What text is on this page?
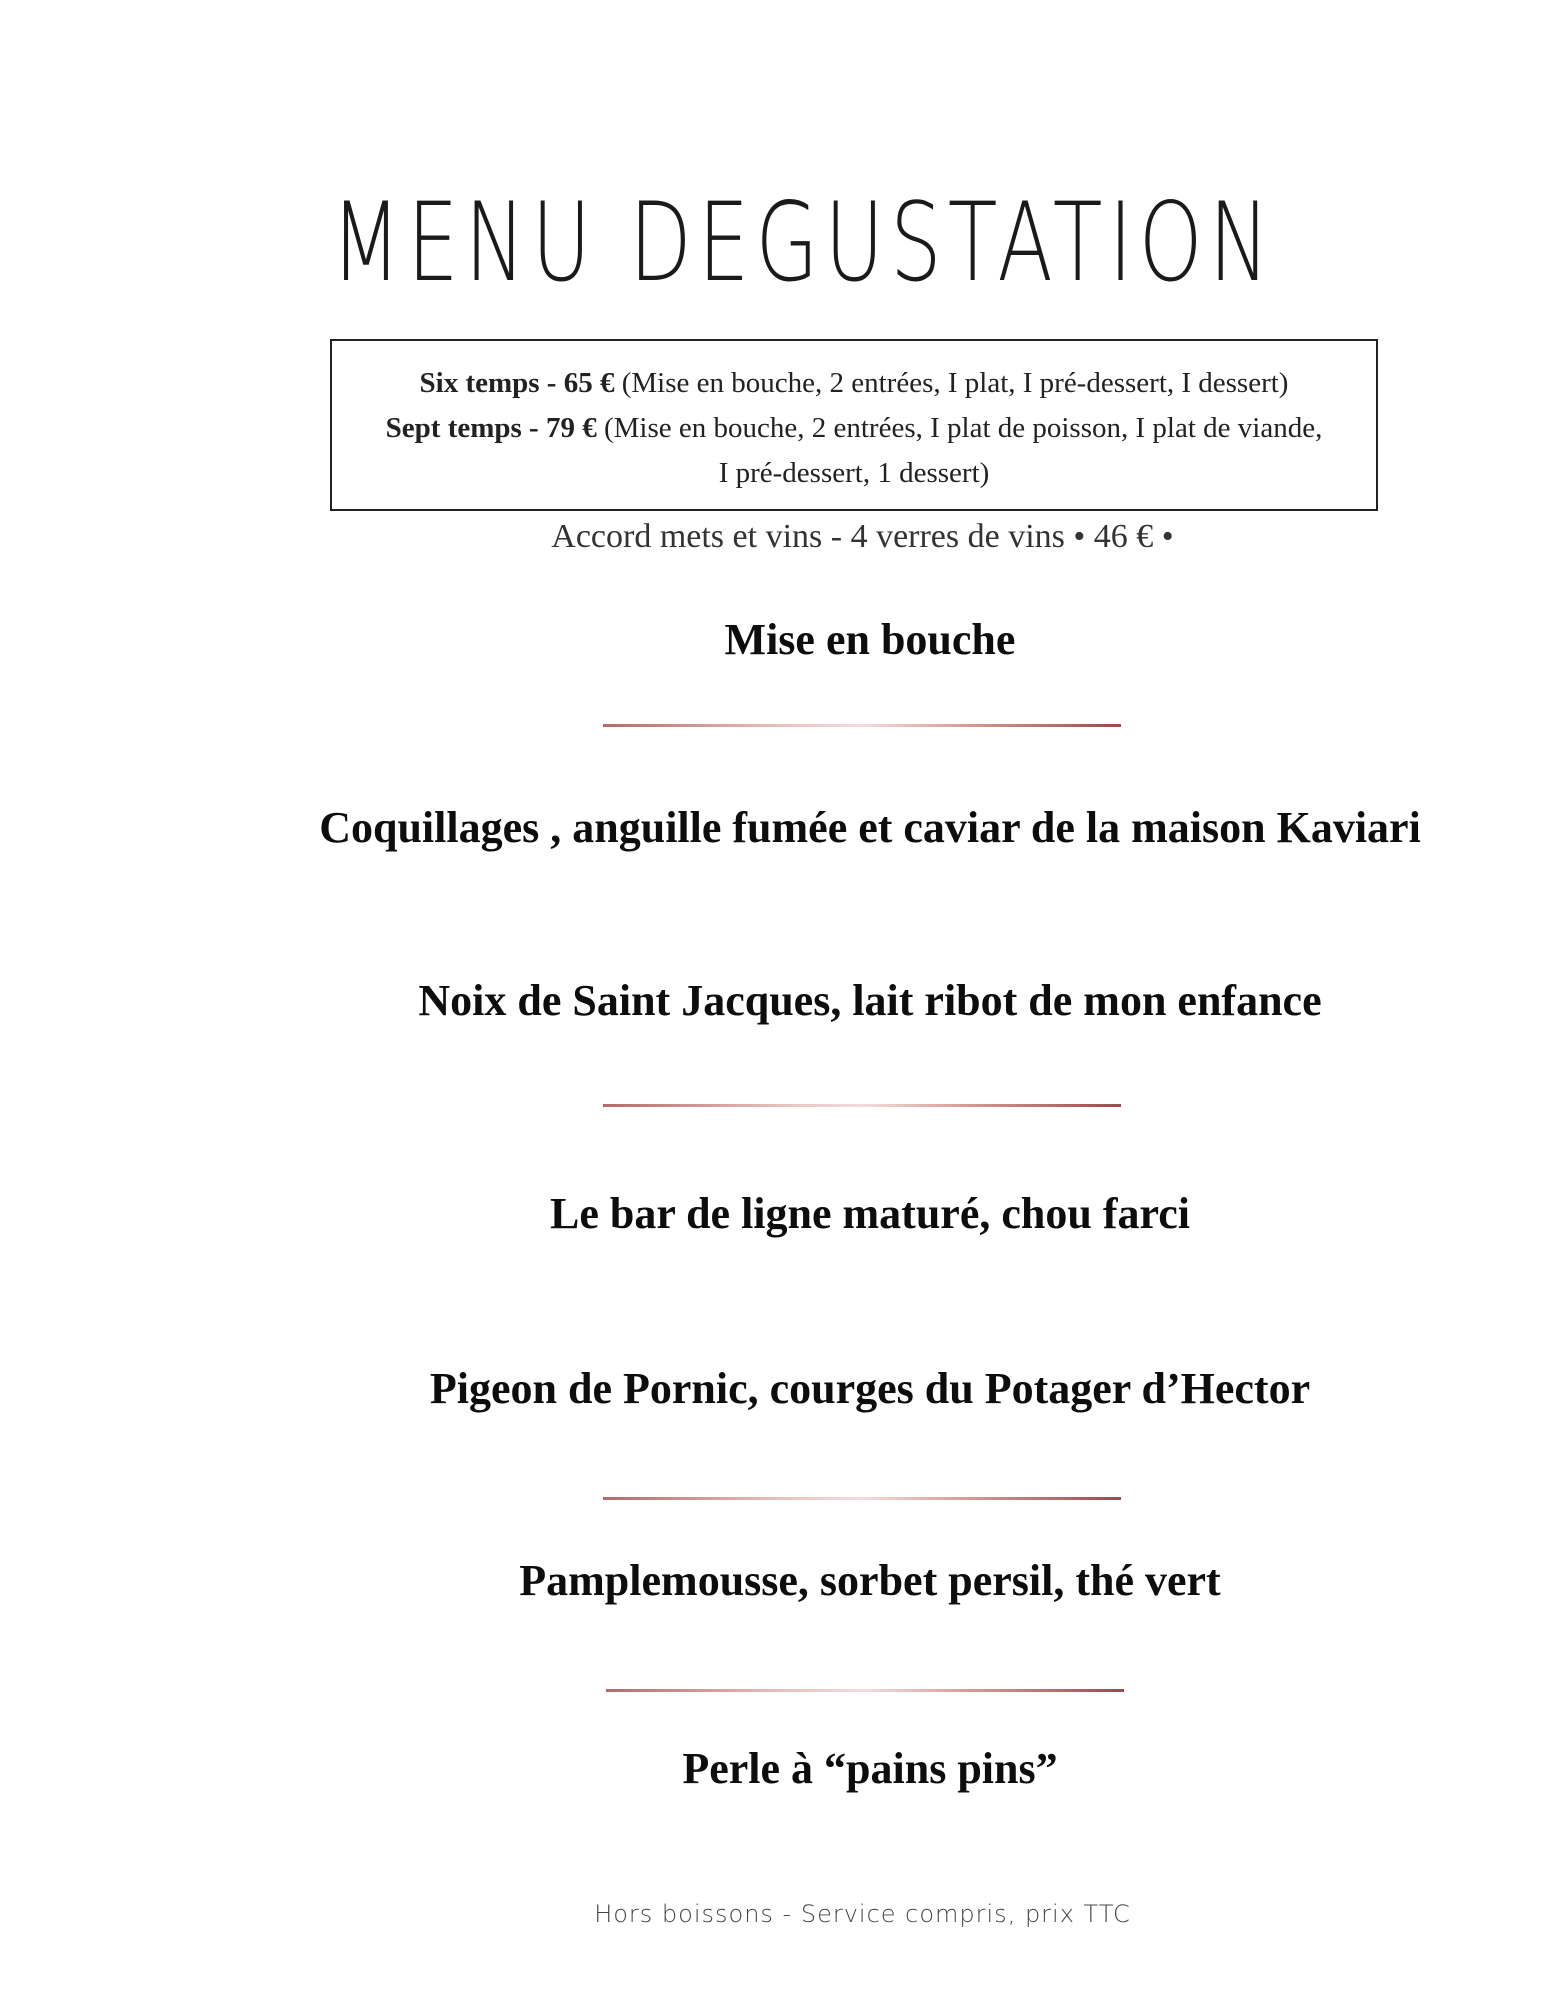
MENU DEGUSTATION
Six temps - 65 € (Mise en bouche, 2 entrées, I plat, I pré-dessert, I dessert)
Sept temps - 79 € (Mise en bouche, 2 entrées, I plat de poisson, I plat de viande,
I pré-dessert, 1 dessert)
Accord mets et vins - 4 verres de vins • 46 € •
Mise en bouche
Coquillages , anguille fumée et caviar de la maison Kaviari
Noix de Saint Jacques, lait ribot de mon enfance
Le bar de ligne maturé, chou farci
Pigeon de Pornic, courges du Potager d’Hector
Pamplemousse, sorbet persil, thé vert
Perle à “pains pins”
Hors boissons - Service compris, prix TTC
